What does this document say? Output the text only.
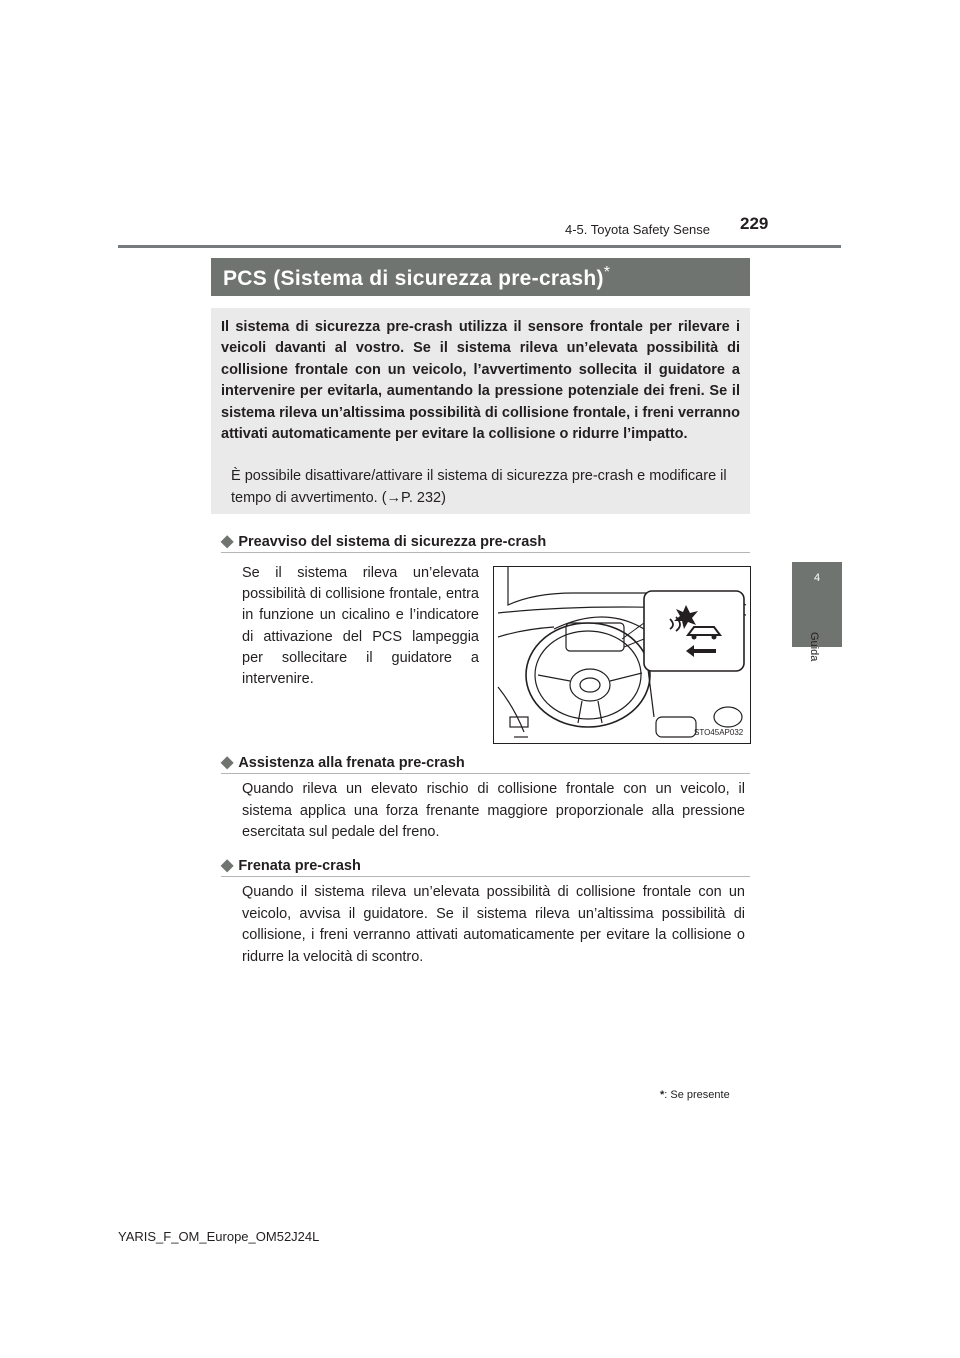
4-5. Toyota Safety Sense 229
4
Guida
PCS (Sistema di sicurezza pre-crash)*

Il sistema di sicurezza pre-crash utilizza il sensore frontale per rilevare i veicoli davanti al vostro. Se il sistema rileva un’elevata possibilità di collisione frontale con un veicolo, l’avvertimento sollecita il guidatore a intervenire per evitarla, aumentando la pressione potenziale dei freni. Se il sistema rileva un’altissima possibilità di collisione frontale, i freni verranno attivati automaticamente per evitare la collisione o ridurre l’impatto.

È possibile disattivare/attivare il sistema di sicurezza pre-crash e modificare il tempo di avvertimento. (→P. 232)

◆ Preavviso del sistema di sicurezza pre-crash

Se il sistema rileva un’elevata possibilità di collisione frontale, entra in funzione un cicalino e l’indicatore di attivazione del PCS lampeggia per sollecitare il guidatore a intervenire.

STO45AP032
◆ Assistenza alla frenata pre-crash

Quando rileva un elevato rischio di collisione frontale con un veicolo, il sistema applica una forza frenante maggiore proporzionale alla pressione esercitata sul pedale del freno.

◆ Frenata pre-crash

Quando il sistema rileva un’elevata possibilità di collisione frontale con un veicolo, avvisa il guidatore. Se il sistema rileva un’altissima possibilità di collisione, i freni verranno attivati automaticamente per evitare la collisione o ridurre la velocità di scontro.

*: Se presente
YARIS_F_OM_Europe_OM52J24L
